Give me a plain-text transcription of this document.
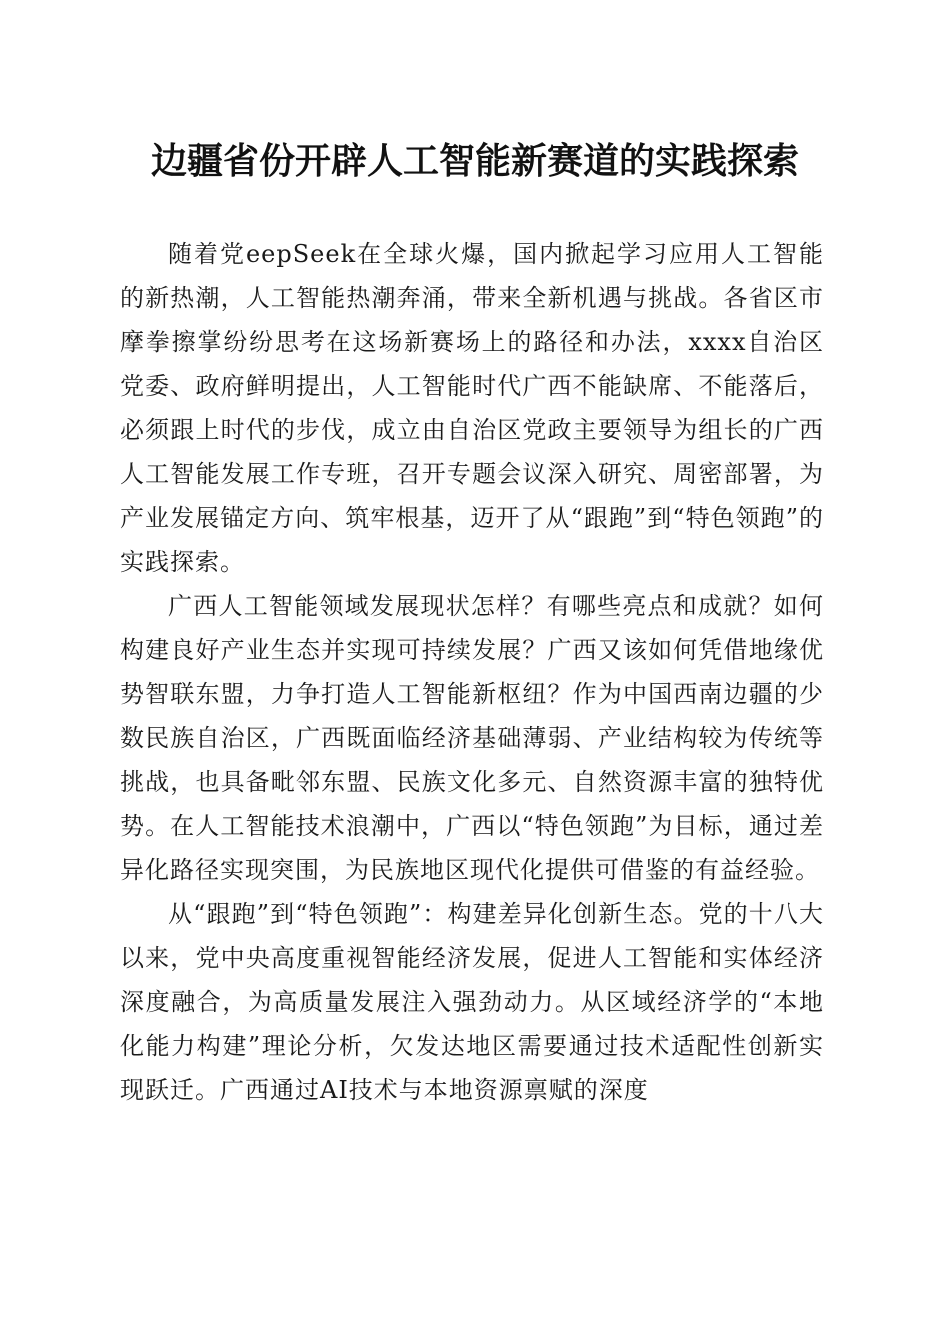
边疆省份开辟人工智能新赛道的实践探索

随着党eepSeek在全球火爆，国内掀起学习应用人工智能的新热潮，人工智能热潮奔涌，带来全新机遇与挑战。各省区市摩拳擦掌纷纷思考在这场新赛场上的路径和办法，xxxx自治区党委、政府鲜明提出，人工智能时代广西不能缺席、不能落后，必须跟上时代的步伐，成立由自治区党政主要领导为组长的广西人工智能发展工作专班，召开专题会议深入研究、周密部署，为产业发展锚定方向、筑牢根基，迈开了从“跟跑”到“特色领跑”的实践探索。

广西人工智能领域发展现状怎样？有哪些亮点和成就？如何构建良好产业生态并实现可持续发展？广西又该如何凭借地缘优势智联东盟，力争打造人工智能新枢纽？作为中国西南边疆的少数民族自治区，广西既面临经济基础薄弱、产业结构较为传统等挑战，也具备毗邻东盟、民族文化多元、自然资源丰富的独特优势。在人工智能技术浪潮中，广西以“特色领跑”为目标，通过差异化路径实现突围，为民族地区现代化提供可借鉴的有益经验。

从“跟跑”到“特色领跑”：构建差异化创新生态。党的十八大以来，党中央高度重视智能经济发展，促进人工智能和实体经济深度融合，为高质量发展注入强劲动力。从区域经济学的“本地化能力构建”理论分析，欠发达地区需要通过技术适配性创新实现跃迁。广西通过AI技术与本地资源禀赋的深度
